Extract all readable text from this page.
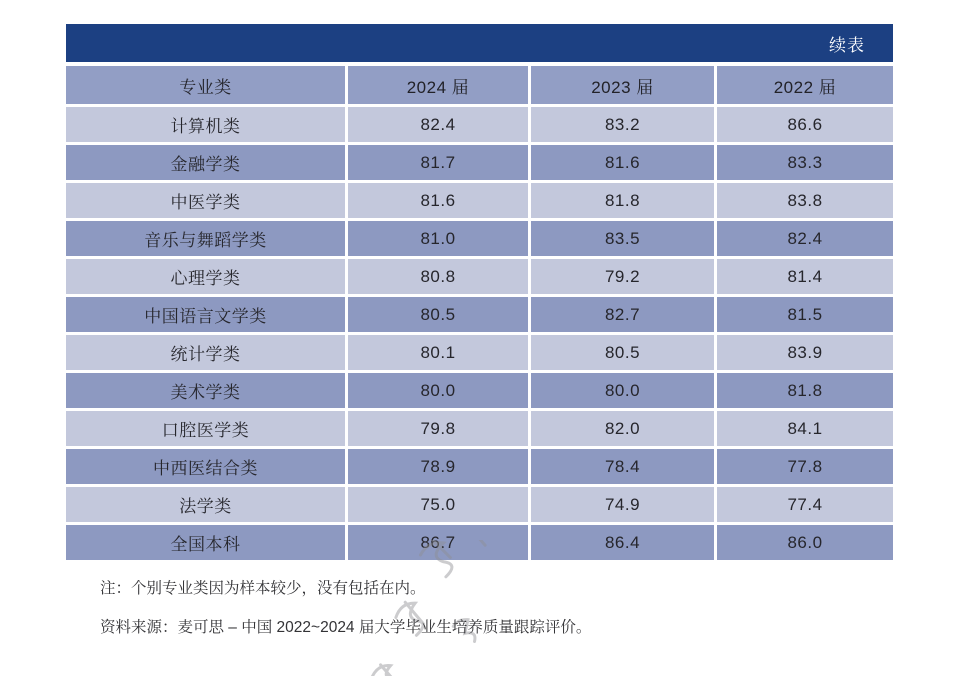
续表
专业类	2024 届	2023 届	2022 届
计算机类	82.4	83.2	86.6
金融学类	81.7	81.6	83.3
中医学类	81.6	81.8	83.8
音乐与舞蹈学类	81.0	83.5	82.4
心理学类	80.8	79.2	81.4
中国语言文学类	80.5	82.7	81.5
统计学类	80.1	80.5	83.9
美术学类	80.0	80.0	81.8
口腔医学类	79.8	82.0	84.1
中西医结合类	78.9	78.4	77.8
法学类	75.0	74.9	77.4
全国本科	86.7	86.4	86.0

注：个别专业类因为样本较少，没有包括在内。

资料来源：麦可思 – 中国 2022~2024 届大学毕业生培养质量跟踪评价。
